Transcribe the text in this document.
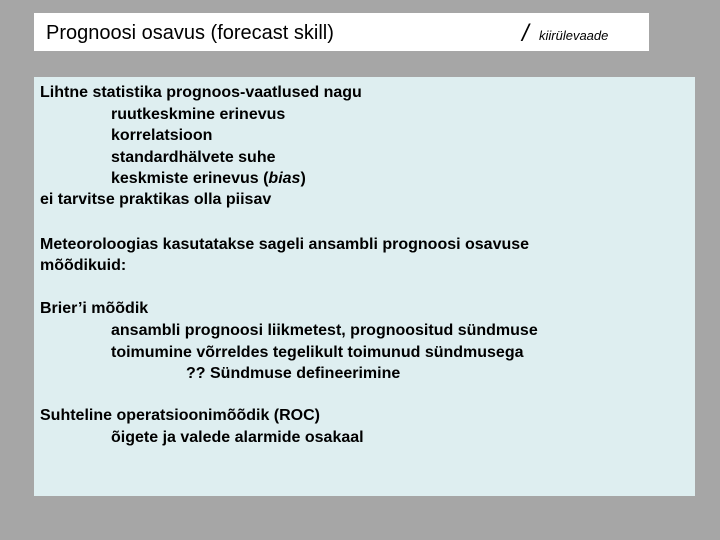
Prognoosi osavus (forecast skill)	/ kiirülevaade
Lihtne statistika prognoos-vaatlused nagu
ruutkeskmine erinevus
korrelatsioon
standardhälvete suhe
keskmiste erinevus (bias)
ei tarvitse praktikas olla piisav
Meteoroloogias kasutatakse sageli ansambli prognoosi osavuse
mõõdikuid:
Brier’i mõõdik
ansambli prognoosi liikmetest, prognoositud sündmuse
toimumine võrreldes tegelikult toimunud sündmusega
?? Sündmuse defineerimine
Suhteline operatsioonimõõdik (ROC)
õigete ja valede alarmide osakaal
